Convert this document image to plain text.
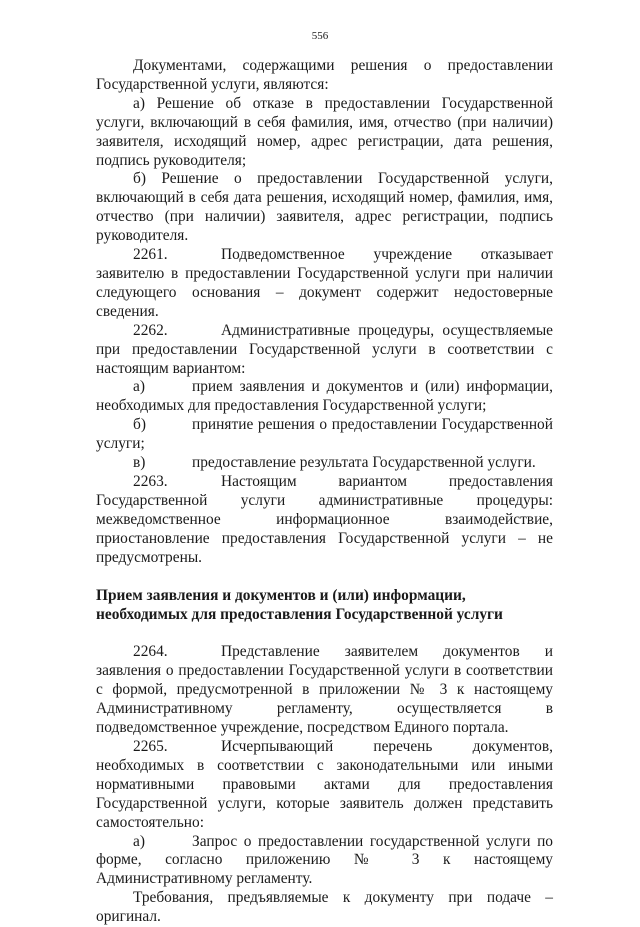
556

Документами, содержащими решения о предоставлении Государственной услуги, являются:

а) Решение об отказе в предоставлении Государственной услуги, включающий в себя фамилия, имя, отчество (при наличии) заявителя, исходящий номер, адрес регистрации, дата решения, подпись руководителя;

б) Решение о предоставлении Государственной услуги, включающий в себя дата решения, исходящий номер, фамилия, имя, отчество (при наличии) заявителя, адрес регистрации, подпись руководителя.

2261.	Подведомственное учреждение отказывает заявителю в предоставлении Государственной услуги при наличии следующего основания – документ содержит недостоверные сведения.

2262.	Административные процедуры, осуществляемые при предоставлении Государственной услуги в соответствии с настоящим вариантом:

а)	прием заявления и документов и (или) информации, необходимых для предоставления Государственной услуги;

б)	принятие решения о предоставлении Государственной услуги;

в)	предоставление результата Государственной услуги.

2263.	Настоящим вариантом предоставления Государственной услуги административные процедуры: межведомственное информационное взаимодействие, приостановление предоставления Государственной услуги – не предусмотрены.

Прием заявления и документов и (или) информации,
необходимых для предоставления Государственной услуги

2264.	Представление заявителем документов и заявления о предоставлении Государственной услуги в соответствии с формой, предусмотренной в приложении № 3 к настоящему Административному регламенту, осуществляется в подведомственное учреждение, посредством Единого портала.

2265.	Исчерпывающий перечень документов, необходимых в соответствии с законодательными или иными нормативными правовыми актами для предоставления Государственной услуги, которые заявитель должен представить самостоятельно:

а)	Запрос о предоставлении государственной услуги по форме, согласно приложению № 3 к настоящему Административному регламенту.

Требования, предъявляемые к документу при подаче – оригинал.
